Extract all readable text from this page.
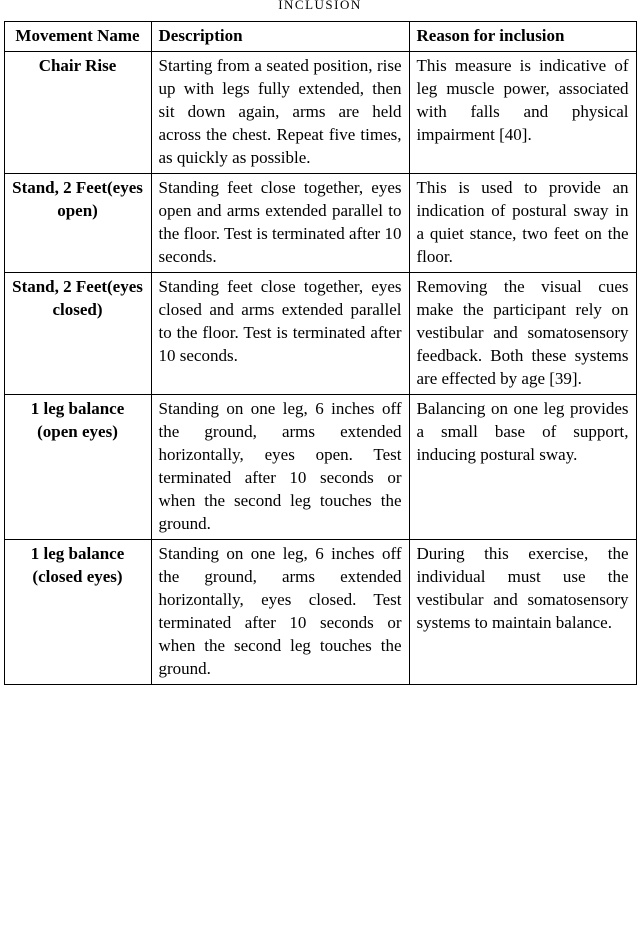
INCLUSION
Movement Name	Description	Reason for inclusion
Chair Rise	Starting from a seated position, rise up with legs fully extended, then sit down again, arms are held across the chest. Repeat five times, as quickly as possible.	This measure is indicative of leg muscle power, associated with falls and physical impairment [40].
Stand, 2 Feet(eyes open)	Standing feet close together, eyes open and arms extended parallel to the floor. Test is terminated after 10 seconds.	This is used to provide an indication of postural sway in a quiet stance, two feet on the floor.
Stand, 2 Feet(eyes closed)	Standing feet close together, eyes closed and arms extended parallel to the floor. Test is terminated after 10 seconds.	Removing the visual cues make the participant rely on vestibular and somatosensory feedback. Both these systems are effected by age [39].
1 leg balance (open eyes)	Standing on one leg, 6 inches off the ground, arms extended horizontally, eyes open. Test terminated after 10 seconds or when the second leg touches the ground.	Balancing on one leg provides a small base of support, inducing postural sway.
1 leg balance (closed eyes)	Standing on one leg, 6 inches off the ground, arms extended horizontally, eyes closed. Test terminated after 10 seconds or when the second leg touches the ground.	During this exercise, the individual must use the vestibular and somatosensory systems to maintain balance.
